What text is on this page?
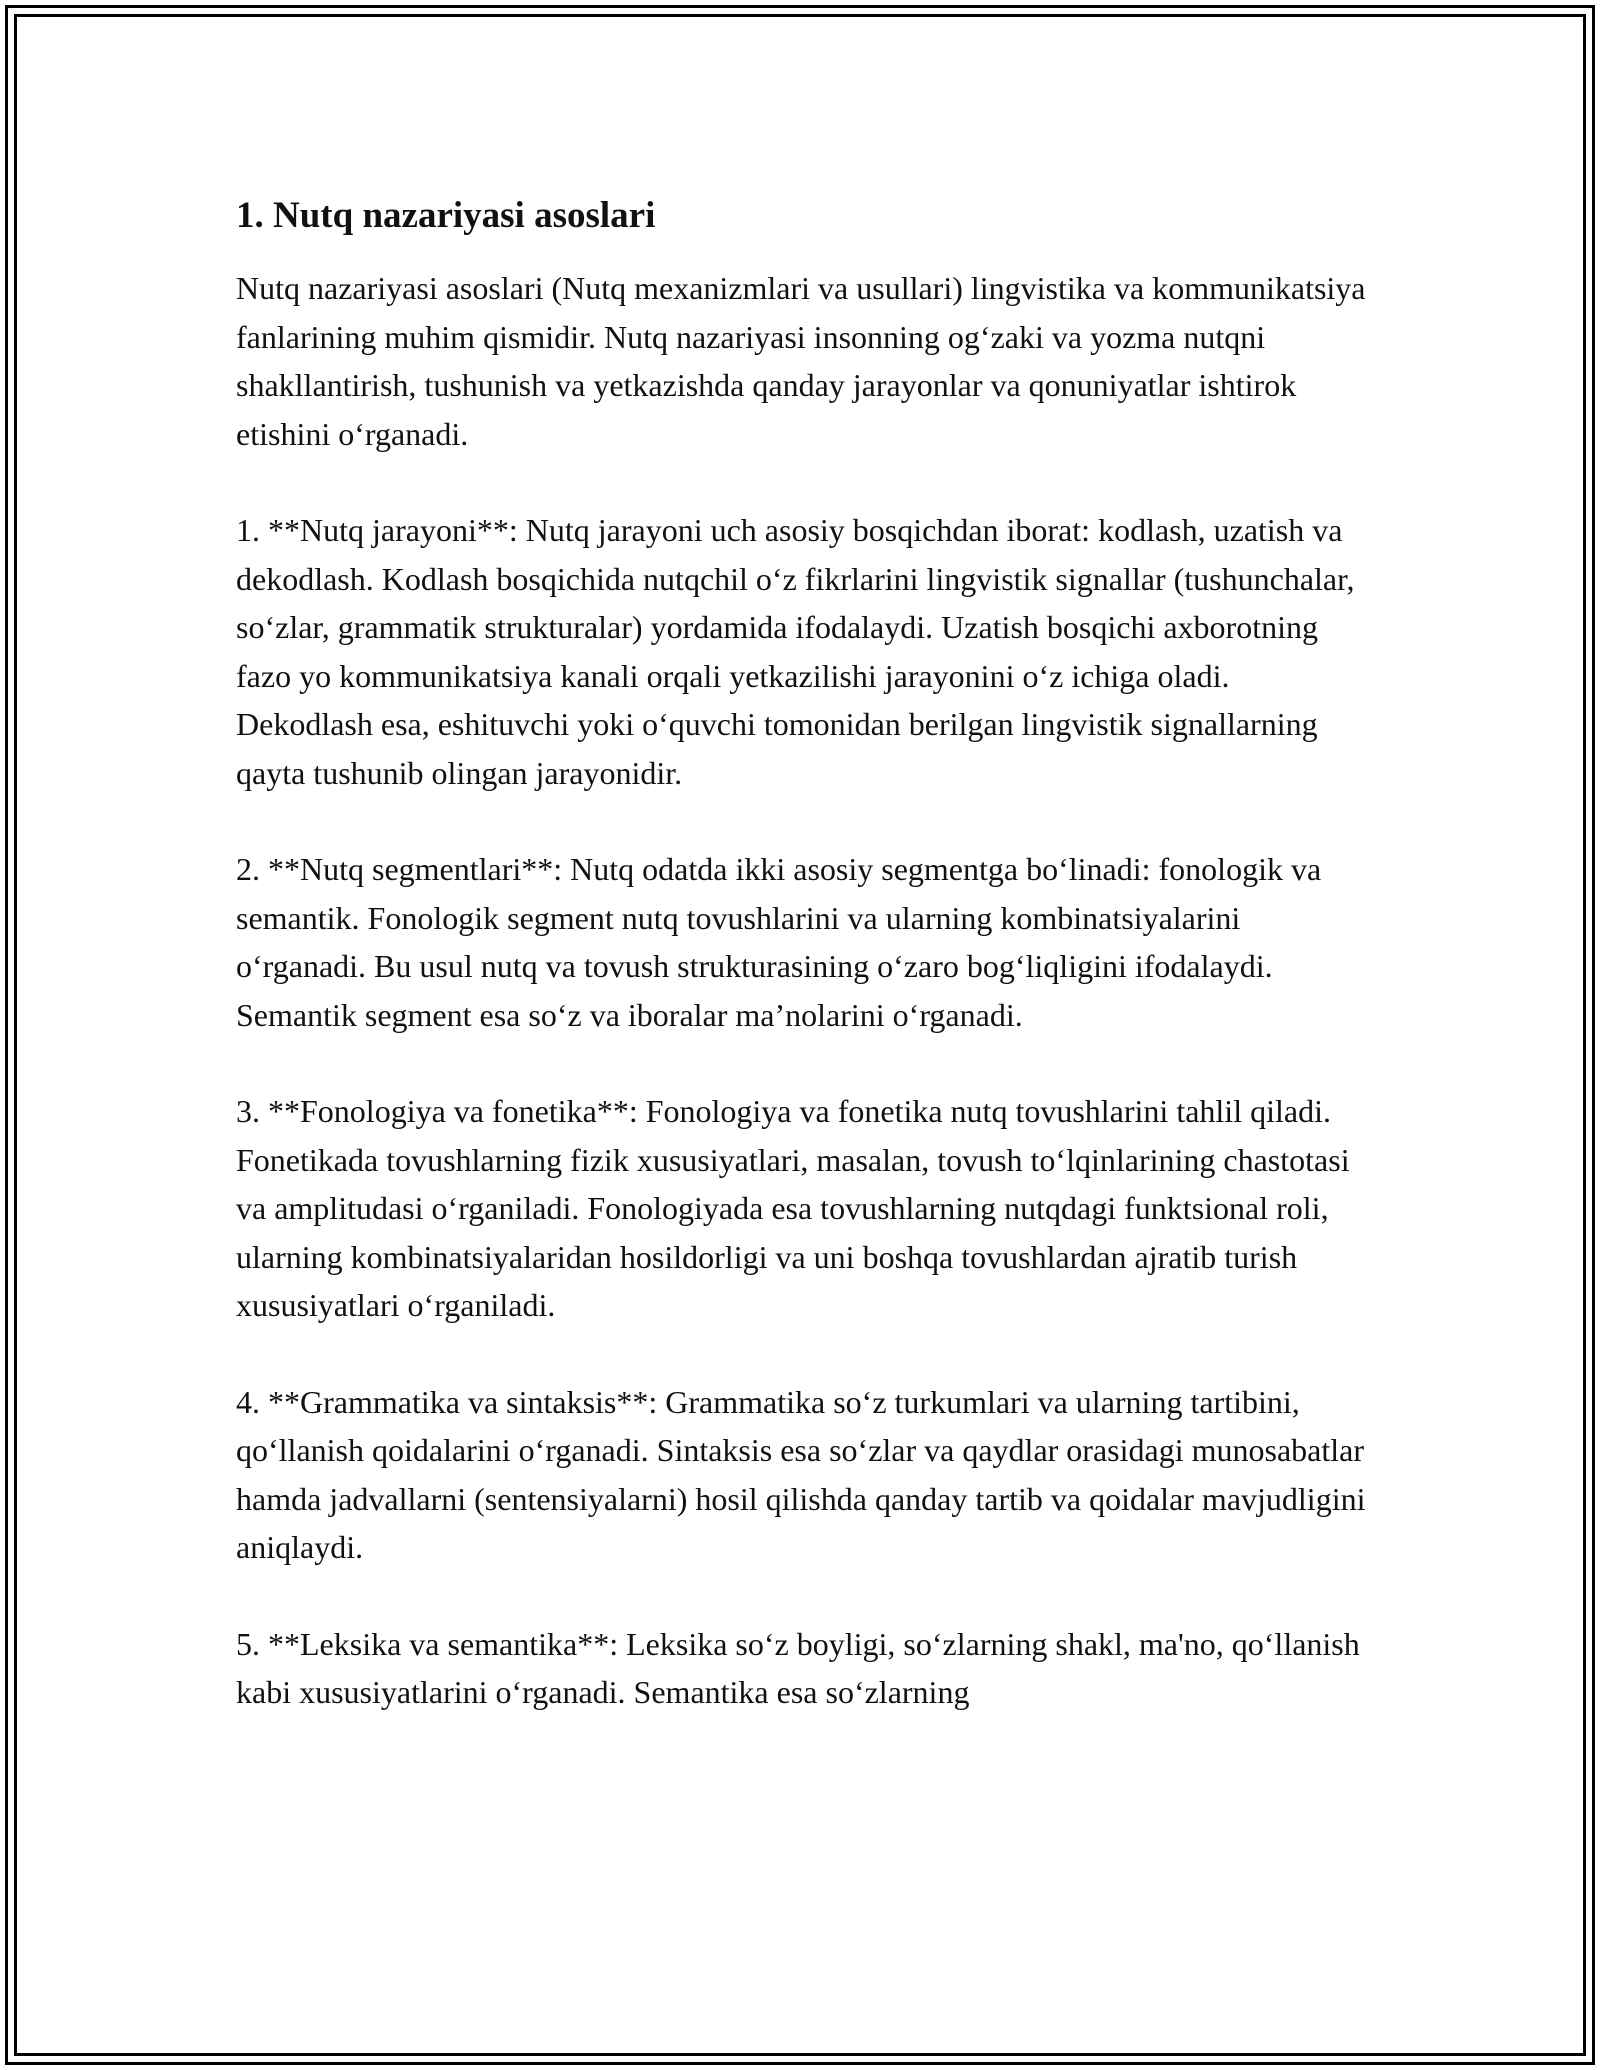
1. Nutq nazariyasi asoslari

Nutq nazariyasi asoslari (Nutq mexanizmlari va usullari) lingvistika va kommunikatsiya fanlarining muhim qismidir. Nutq nazariyasi insonning og‘zaki va yozma nutqni shakllantirish, tushunish va yetkazishda qanday jarayonlar va qonuniyatlar ishtirok etishini o‘rganadi.

1. **Nutq jarayoni**: Nutq jarayoni uch asosiy bosqichdan iborat: kodlash, uzatish va dekodlash. Kodlash bosqichida nutqchil o‘z fikrlarini lingvistik signallar (tushunchalar, so‘zlar, grammatik strukturalar) yordamida ifodalaydi. Uzatish bosqichi axborotning fazo yo kommunikatsiya kanali orqali yetkazilishi jarayonini o‘z ichiga oladi. Dekodlash esa, eshituvchi yoki o‘quvchi tomonidan berilgan lingvistik signallarning qayta tushunib olingan jarayonidir.

2. **Nutq segmentlari**: Nutq odatda ikki asosiy segmentga bo‘linadi: fonologik va semantik. Fonologik segment nutq tovushlarini va ularning kombinatsiyalarini o‘rganadi. Bu usul nutq va tovush strukturasining o‘zaro bog‘liqligini ifodalaydi. Semantik segment esa so‘z va iboralar ma’nolarini o‘rganadi.

3. **Fonologiya va fonetika**: Fonologiya va fonetika nutq tovushlarini tahlil qiladi. Fonetikada tovushlarning fizik xususiyatlari, masalan, tovush to‘lqinlarining chastotasi va amplitudasi o‘rganiladi. Fonologiyada esa tovushlarning nutqdagi funktsional roli, ularning kombinatsiyalaridan hosildorligi va uni boshqa tovushlardan ajratib turish xususiyatlari o‘rganiladi.

4. **Grammatika va sintaksis**: Grammatika so‘z turkumlari va ularning tartibini, qo‘llanish qoidalarini o‘rganadi. Sintaksis esa so‘zlar va qaydlar orasidagi munosabatlar hamda jadvallarni (sentensiyalarni) hosil qilishda qanday tartib va qoidalar mavjudligini aniqlaydi.

5. **Leksika va semantika**: Leksika so‘z boyligi, so‘zlarning shakl, ma'no, qo‘llanish kabi xususiyatlarini o‘rganadi. Semantika esa so‘zlarning
